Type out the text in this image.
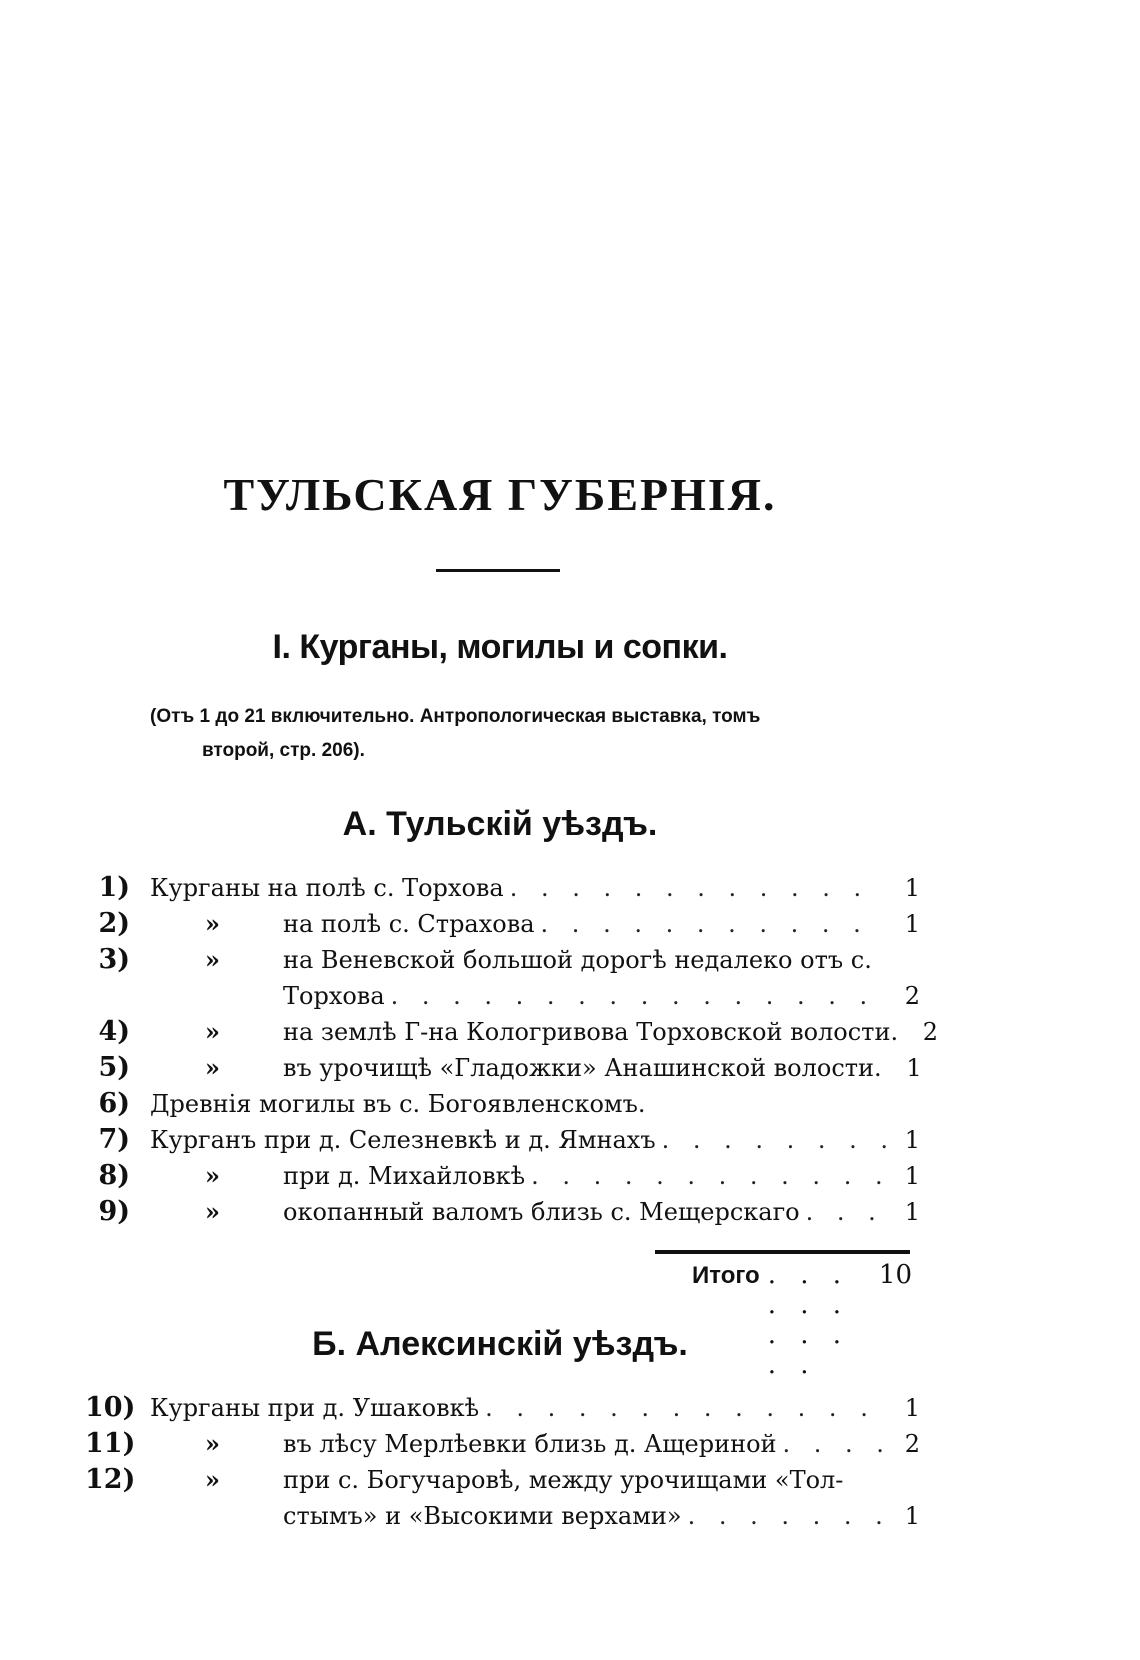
ТУЛЬСКАЯ ГУБЕРНІЯ.
I. Курганы, могилы и сопки.
(Отъ 1 до 21 включительно. Антропологическая выставка, томъ
второй, стр. 206).
А. Тульскій уѣздъ.
1) Курганы на полѣ с. Торхова . . .	1
2)	»	на полѣ с. Страхова . . .	1
3)	»	на Веневской большой дорогѣ недалеко отъ с.
Торхова . . .	2
4)	»	на землѣ Г-на Кологривова Торховской волости.	2
5)	»	въ урочищѣ «Гладожки» Анашинской волости.	1
6) Древнія могилы въ с. Богоявленскомъ.
7) Курганъ при д. Селезневкѣ и д. Ямнахъ . . .	1
8)	»	при д. Михайловкѣ . . .	1
9)	»	окопанный валомъ близь с. Мещерскаго . . .	1
Итого . . .	10
Б. Алексинскій уѣздъ.
10) Курганы при д. Ушаковкѣ . . .	1
11)	»	въ лѣсу Мерлѣевки близь д. Ащериной . . .	2
12)	»	при с. Богучаровѣ, между урочищами «Тол-
стымъ» и «Высокими верхами» . . .	1
